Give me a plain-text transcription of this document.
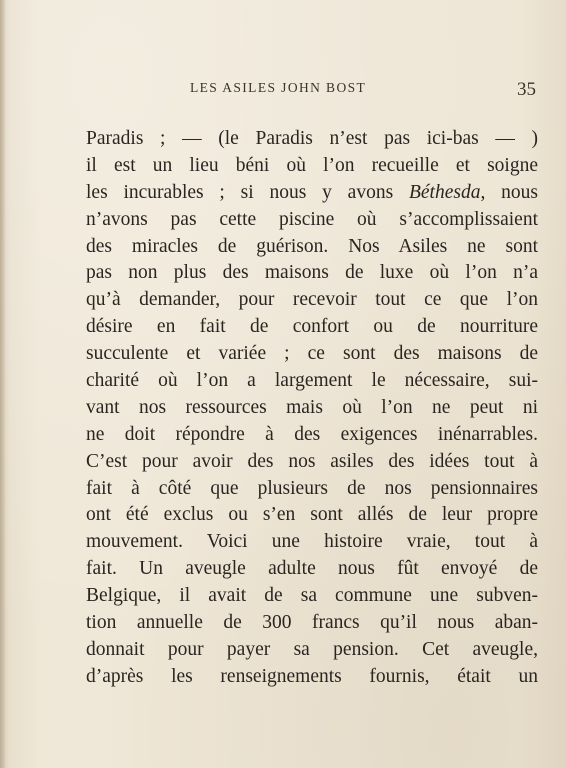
LES ASILES JOHN BOST	35
Paradis ; — (le Paradis n’est pas ici-bas — )
il est un lieu béni où l’on recueille et soigne
les incurables ; si nous y avons Béthesda, nous
n’avons pas cette piscine où s’accomplissaient
des miracles de guérison. Nos Asiles ne sont
pas non plus des maisons de luxe où l’on n’a
qu’à demander, pour recevoir tout ce que l’on
désire en fait de confort ou de nourriture
succulente et variée ; ce sont des maisons de
charité où l’on a largement le nécessaire, sui-
vant nos ressources mais où l’on ne peut ni
ne doit répondre à des exigences inénarrables.
C’est pour avoir des nos asiles des idées tout à
fait à côté que plusieurs de nos pensionnaires
ont été exclus ou s’en sont allés de leur propre
mouvement. Voici une histoire vraie, tout à
fait. Un aveugle adulte nous fût envoyé de
Belgique, il avait de sa commune une subven-
tion annuelle de 300 francs qu’il nous aban-
donnait pour payer sa pension. Cet aveugle,
d’après les renseignements fournis, était un
